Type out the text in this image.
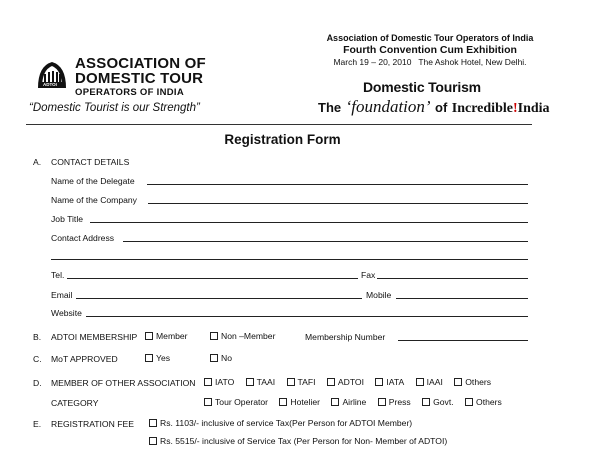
ADTOI
ASSOCIATION OF
DOMESTIC TOUR
OPERATORS OF INDIA
“Domestic Tourist is our Strength”
Association of Domestic Tour Operators of India
Fourth Convention Cum Exhibition
March 19 – 20, 2010   The Ashok Hotel, New Delhi.
Domestic Tourism
The ‘foundation’ of Incredible!India
Registration Form
A. CONTACT DETAILS
Name of the Delegate
Name of the Company
Job Title
Contact Address
Tel.	Fax
Email	Mobile
Website
B. ADTOI MEMBERSHIP	Member	Non –Member	Membership Number
C. MoT APPROVED	Yes	No
D. MEMBER OF OTHER ASSOCIATION	IATO	TAAI	TAFI	ADTOI	IATA	IAAI	Others
CATEGORY	Tour Operator	Hotelier	Airline	Press	Govt.	Others
E. REGISTRATION FEE	Rs. 1103/- inclusive of service Tax(Per Person for ADTOI Member)
Rs. 5515/- inclusive of Service Tax (Per Person for Non- Member of ADTOI)
